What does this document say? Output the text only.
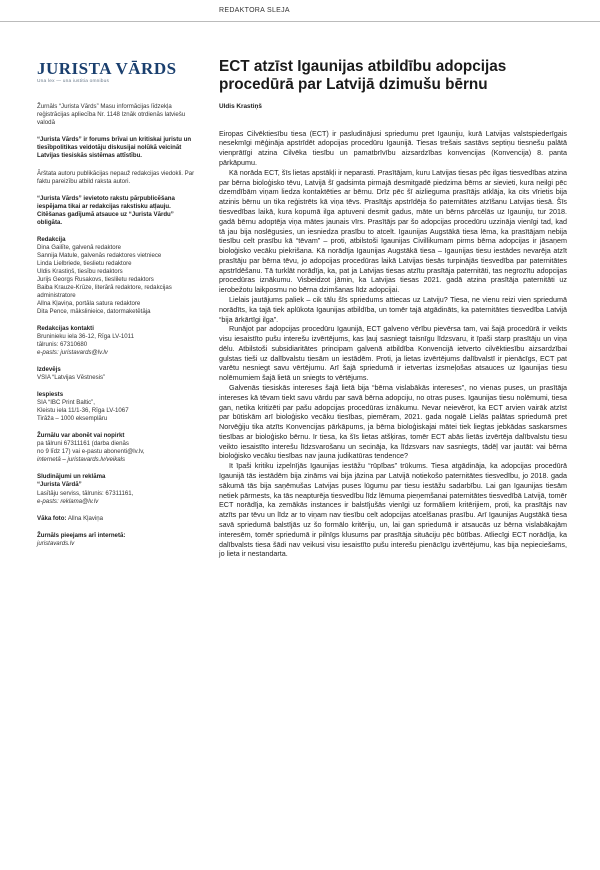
REDAKTORA SLEJA
JURISTA VĀRDS
Una lex — una iustitia omnibus
Žurnāls “Jurista Vārds” Masu informācijas līdzekļa reģistrācijas apliecība Nr. 1148 Iznāk otrdienās latviešu valodā
“Jurista Vārds” ir forums brīvai un kritiskai juristu un tiesībpolitikas veidotāju diskusijai nolūkā veicināt Latvijas tiesiskās sistēmas attīstību.
Ārštata autoru publikācijas nepauž redakcijas viedokli. Par faktu pareizību atbild raksta autori.
“Jurista Vārds” ievietoto rakstu pārpublicēšana iespējama tikai ar redakcijas rakstisku atļauju. Citēšanas gadījumā atsauce uz “Jurista Vārdu” obligāta.
Redakcija
Dina Gailīte, galvenā redaktore
Sannija Matule, galvenās redaktores vietniece
Linda Lielbriede, tieslietu redaktore
Uldis Krastiņš, tiesību redaktors
Jurijs Georgs Rusakovs, tiesliletu redaktors
Baiba Krauze-Krūze, literārā redaktore, redakcijas administratore
Allna Kļaviņa, portāla satura redaktore
Dita Pence, mākslinieice, datormaketētāja
Redakcijas kontakti
Bruninieku iela 36-12, Rīga LV-1011
tālrunis: 67310680
e-pasts: juristavards@lv.lv
Izdevējs
VSIA “Latvijas Vēstnesis”
Iespiests
SIA “IBC Print Baltic”,
Kleistu iela 11/1-36, Rīga LV-1067
Tirāža – 1000 eksemplāru
Žurnālu var abonēt vai nopirkt
pa tālruni 67311161 (darba dienās
no 9 līdz 17) vai e-pastu abonenti@lv.lv,
internetā – juristavards.lv/veikals
Sludinājumi un reklāma
“Jurista Vārdā”
Lasītāju serviss, tālrunis: 67311161,
e-pasts: reklama@lv.lv
Vāka foto: Allna Kļaviņa
Žurnāls pieejams arī internetā:
juristavards.lv
ECT atzīst Igaunijas atbildību adopcijas procedūrā par Latvijā dzimušu bērnu
Uldis Krastiņš

Eiropas Cilvēktiesību tiesa (ECT) ir pasludinājusi spriedumu pret Igauniju, kurā Latvijas valstspiederīgais nesekmīgi mēģināja apstrīdēt adopcijas procedūru Igaunijā. Tiesas trešais sastāvs septiņu tiesnešu palātā vienprātīgi atzina Cilvēka tiesību un pamatbrīvību aizsardzības konvencijas (Konvencija) 8. panta pārkāpumu.

Kā norāda ECT, šīs lietas apstākļi ir neparasti. Prasītājam, kuru Latvijas tiesas pēc ilgas tiesvedības atzina par bērna bioloģisko tēvu, Latvijā šī gadsimta pirmajā desmitgadē piedzima bērns ar sievieti, kura neilgi pēc dzemdībām viņam liedza kontaktēties ar bērnu. Drīz pēc šī aizlieguma prasītājs atklāja, ka cits vīrietis bija atzinis bērnu un tika reģistrēts kā viņa tēvs. Prasītājs apstrīdēja šo paternitātes atzīšanu Latvijas tiesā. Šīs tiesvedības laikā, kura kopumā ilga aptuveni desmit gadus, māte un bērns pārcēlās uz Igauniju, tur 2018. gadā bērnu adoptēja viņa mātes jaunais vīrs. Prasītājs par šo adopcijas procedūru uzzināja vienīgi tad, kad tā jau bija noslēgusies, un iesniedza prasību to atcelt. Igaunijas Augstākā tiesa lēma, ka prasītājam nebija tiesību celt prasību kā “tēvam” – proti, atbilstoši Igaunijas Civillikumam pirms bērna adopcijas ir jāsaņem bioloģisko vecāku piekrišana. Kā norādīja Igaunijas Augstākā tiesa – Igaunijas tiesu iestādes nevarēja atzīt prasītāju par bērna tēvu, jo adopcijas procedūras laikā Latvijas tiesās turpinājās tiesvedība par paternitātes apstrīdēšanu. Tā turklāt norādīja, ka, pat ja Latvijas tiesas atzītu prasītāja paternitāti, tas negrozītu adopcijas procedūras iznākumu. Visbeidzot jāmin, ka Latvijas tiesas 2021. gadā atzina prasītāja paternitāti uz ierobežotu laikposmu no bērna dzimšanas līdz adopcijai.

Lielais jautājums paliek – cik tālu šīs spriedums attiecas uz Latviju? Tiesa, ne vienu reizi vien spriedumā norādīts, ka tajā tiek aplūkota Igaunijas atbildība, un tomēr tajā atgādināts, ka paternitātes tiesvedība Latvijā “bija ārkārtīgi ilga”.

Runājot par adopcijas procedūru Igaunijā, ECT galveno vērību pievērsa tam, vai šajā procedūrā ir veikts visu iesaistīto pušu interešu izvērtējums, kas ļauj sasniegt taisnīgu līdzsvaru, it īpaši starp prasītāju un viņa dēlu. Atbilstoši subsidiaritātes principam galvenā atbildība Konvencijā ietverto cilvēktiesību aizsardzībai gulstas tieši uz dalībvalstu tiesām un iestādēm. Proti, ja lietas izvērtējums dalībvalstī ir pienācīgs, ECT pat varētu nesniegt savu vērtējumu. Arī šajā spriedumā ir ietvertas izsmeļošas atsauces uz Igaunijas tiesu nolēmumiem šajā lietā un sniegts to vērtējums.

Galvenās tiesiskās intereses šajā lietā bija “bērna vislabākās intereses”, no vienas puses, un prasītāja intereses kā tēvam tiekt savu vārdu par savā bērna adopciju, no otras puses. Igaunijas tiesu nolēmumi, tiesa gan, netika kritizēti par pašu adopcijas procedūras iznākumu. Nevar neievērot, ka ECT arvien vairāk atzīst par būtiskām arī bioloģisko vecāku tiesības, piemēram, 2021. gada nogalē Lielās palātas spriedumā pret Norvēģiju tika atzīts Konvencijas pārkāpums, ja bērna bioloģiskajai mātei tiek liegtas jebkādas saskarsmes tiesības ar bioloģisko bērnu. Ir tiesa, ka šīs lietas atšķiras, tomēr ECT abās lietās izvērtēja dalībvalstu tiesu veikto iesaistīto interešu līdzsvarošanu un secināja, ka līdzsvars nav sasniegts, tādēļ var jautāt: vai bērna bioloģisko vecāku tiesības nav jauna judikatūras tendence?

It īpaši kritiku izpelnījās Igaunijas iestāžu “rūpības” trūkums. Tiesa atgādināja, ka adopcijas procedūrā Igaunijā tās iestādēm bija zināms vai bija jāzina par Latvijā notiekošo paternitātes tiesvedību, jo 2018. gada sākumā tās bija saņēmušas Latvijas puses lūgumu par tiesu iestāžu sadarbību. Lai gan Igaunijas tiesām netiek pārmests, ka tās neapturēja tiesvedību līdz lēmuma pieņemšanai paternitātes tiesvedībā Latvijā, tomēr ECT norādīja, ka zemākās instances ir balstījušās vienīgi uz formāliem kritērijiem, proti, ka prasītājs nav atzīts par tēvu un līdz ar to viņam nav tiesību celt adopcijas atcelšanas prasību. Arī Igaunijas Augstākā tiesa savā spriedumā balstījās uz šo formālo kritēriju, un, lai gan spriedumā ir atsaucās uz bērna vislabākajām interesēm, tomēr spriedumā ir pilnīgs klusums par prasītāja situāciju pēc būtības. Atliecīgi ECT norādīja, ka dalībvalsts tiesa šādi nav veikusi visu iesaistīto pušu interešu pienācīgu izvērtējumu, kas bija nepieciešams, jo lieta ir nestandarta.
